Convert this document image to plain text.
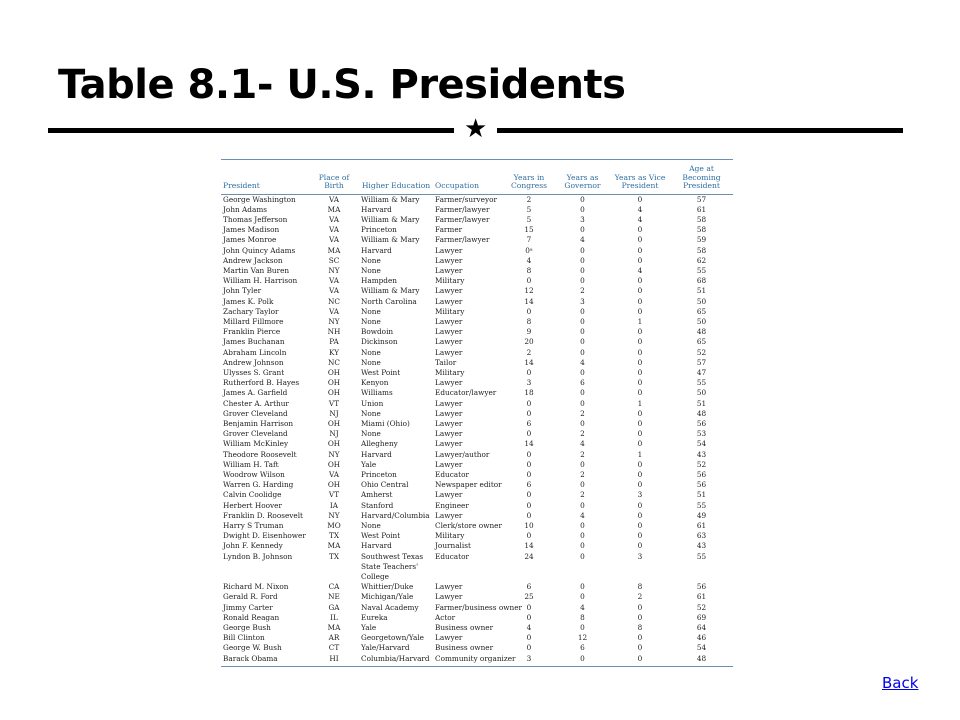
Table 8.1- U.S. Presidents
★
President	Place of Birth	Higher Education	Occupation	Years in Congress	Years as Governor	Years as Vice President	Age at Becoming President
George Washington	VA	William & Mary	Farmer/surveyor	2	0	0	57
John Adams	MA	Harvard	Farmer/lawyer	5	0	4	61
Thomas Jefferson	VA	William & Mary	Farmer/lawyer	5	3	4	58
James Madison	VA	Princeton	Farmer	15	0	0	58
James Monroe	VA	William & Mary	Farmer/lawyer	7	4	0	59
John Quincy Adams	MA	Harvard	Lawyer	0ᵃ	0	0	58
Andrew Jackson	SC	None	Lawyer	4	0	0	62
Martin Van Buren	NY	None	Lawyer	8	0	4	55
William H. Harrison	VA	Hampden	Military	0	0	0	68
John Tyler	VA	William & Mary	Lawyer	12	2	0	51
James K. Polk	NC	North Carolina	Lawyer	14	3	0	50
Zachary Taylor	VA	None	Military	0	0	0	65
Millard Fillmore	NY	None	Lawyer	8	0	1	50
Franklin Pierce	NH	Bowdoin	Lawyer	9	0	0	48
James Buchanan	PA	Dickinson	Lawyer	20	0	0	65
Abraham Lincoln	KY	None	Lawyer	2	0	0	52
Andrew Johnson	NC	None	Tailor	14	4	0	57
Ulysses S. Grant	OH	West Point	Military	0	0	0	47
Rutherford B. Hayes	OH	Kenyon	Lawyer	3	6	0	55
James A. Garfield	OH	Williams	Educator/lawyer	18	0	0	50
Chester A. Arthur	VT	Union	Lawyer	0	0	1	51
Grover Cleveland	NJ	None	Lawyer	0	2	0	48
Benjamin Harrison	OH	Miami (Ohio)	Lawyer	6	0	0	56
Grover Cleveland	NJ	None	Lawyer	0	2	0	53
William McKinley	OH	Allegheny	Lawyer	14	4	0	54
Theodore Roosevelt	NY	Harvard	Lawyer/author	0	2	1	43
William H. Taft	OH	Yale	Lawyer	0	0	0	52
Woodrow Wilson	VA	Princeton	Educator	0	2	0	56
Warren G. Harding	OH	Ohio Central	Newspaper editor	6	0	0	56
Calvin Coolidge	VT	Amherst	Lawyer	0	2	3	51
Herbert Hoover	IA	Stanford	Engineer	0	0	0	55
Franklin D. Roosevelt	NY	Harvard/Columbia	Lawyer	0	4	0	49
Harry S Truman	MO	None	Clerk/store owner	10	0	0	61
Dwight D. Eisenhower	TX	West Point	Military	0	0	0	63
John F. Kennedy	MA	Harvard	Journalist	14	0	0	43
Lyndon B. Johnson	TX	Southwest Texas State Teachers' College	Educator	24	0	3	55
Richard M. Nixon	CA	Whittier/Duke	Lawyer	6	0	8	56
Gerald R. Ford	NE	Michigan/Yale	Lawyer	25	0	2	61
Jimmy Carter	GA	Naval Academy	Farmer/business owner	0	4	0	52
Ronald Reagan	IL	Eureka	Actor	0	8	0	69
George Bush	MA	Yale	Business owner	4	0	8	64
Bill Clinton	AR	Georgetown/Yale	Lawyer	0	12	0	46
George W. Bush	CT	Yale/Harvard	Business owner	0	6	0	54
Barack Obama	HI	Columbia/Harvard	Community organizer	3	0	0	48
Back
